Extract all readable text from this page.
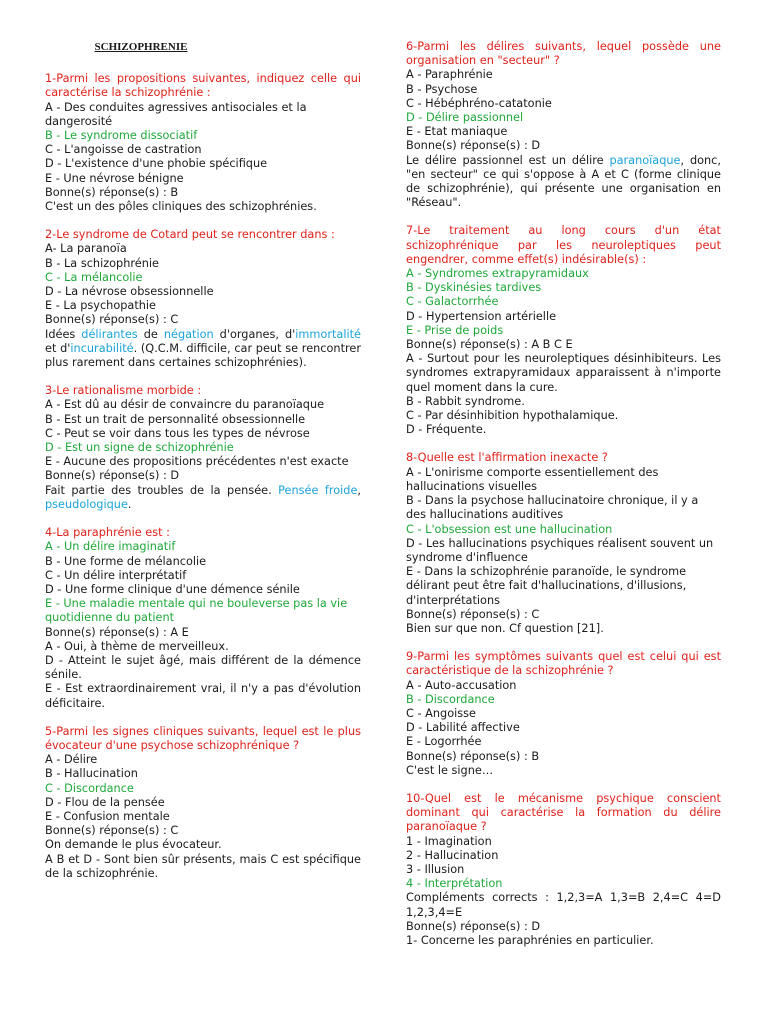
SCHIZOPHRENIE

1-Parmi les propositions suivantes, indiquez celle qui caractérise la schizophrénie :

A - Des conduites agressives antisociales et la dangerosité

B - Le syndrome dissociatif

C - L'angoisse de castration

D - L'existence d'une phobie spécifique

E - Une névrose bénigne

Bonne(s) réponse(s) : B

C'est un des pôles cliniques des schizophrénies.

2-Le syndrome de Cotard peut se rencontrer dans :

A- La paranoïa

B - La schizophrénie

C - La mélancolie

D - La névrose obsessionnelle

E - La psychopathie

Bonne(s) réponse(s) : C

Idées délirantes de négation d'organes, d'immortalité et d'incurabilité. (Q.C.M. difficile, car peut se rencontrer plus rarement dans certaines schizophrénies).

3-Le rationalisme morbide :

A - Est dû au désir de convaincre du paranoïaque

B - Est un trait de personnalité obsessionnelle

C - Peut se voir dans tous les types de névrose

D - Est un signe de schizophrénie

E - Aucune des propositions précédentes n'est exacte

Bonne(s) réponse(s) : D

Fait partie des troubles de la pensée. Pensée froide, pseudologique.

4-La paraphrénie est :

A - Un délire imaginatif

B - Une forme de mélancolie

C - Un délire interprétatif

D - Une forme clinique d'une démence sénile

E - Une maladie mentale qui ne bouleverse pas la vie quotidienne du patient

Bonne(s) réponse(s) : A E

A - Oui, à thème de merveilleux.

D - Atteint le sujet âgé, mais différent de la démence sénile.

E - Est extraordinairement vrai, il n'y a pas d'évolution déficitaire.

5-Parmi les signes cliniques suivants, lequel est le plus évocateur d'une psychose schizophrénique ?

A - Délire

B - Hallucination

C - Discordance

D - Flou de la pensée

E - Confusion mentale

Bonne(s) réponse(s) : C

On demande le plus évocateur.

A B et D - Sont bien sûr présents, mais C est spécifique de la schizophrénie.

6-Parmi les délires suivants, lequel possède une organisation en "secteur" ?

A - Paraphrénie

B - Psychose

C - Hébéphréno-catatonie

D - Délire passionnel

E - Etat maniaque

Bonne(s) réponse(s) : D

Le délire passionnel est un délire paranoïaque, donc, "en secteur" ce qui s'oppose à A et C (forme clinique de schizophrénie), qui présente une organisation en "Réseau".

7-Le traitement au long cours d'un état schizophrénique par les neuroleptiques peut engendrer, comme effet(s) indésirable(s) :

A - Syndromes extrapyramidaux

B - Dyskinésies tardives

C - Galactorrhée

D - Hypertension artérielle

E - Prise de poids

Bonne(s) réponse(s) : A B C E

A - Surtout pour les neuroleptiques désinhibiteurs. Les syndromes extrapyramidaux apparaissent à n'importe quel moment dans la cure.

B - Rabbit syndrome.

C - Par désinhibition hypothalamique.

D - Fréquente.

8-Quelle est l'affirmation inexacte ?

A - L'onirisme comporte essentiellement des hallucinations visuelles

B - Dans la psychose hallucinatoire chronique, il y a des hallucinations auditives

C - L'obsession est une hallucination

D - Les hallucinations psychiques réalisent souvent un syndrome d'influence

E - Dans la schizophrénie paranoïde, le syndrome délirant peut être fait d'hallucinations, d'illusions, d'interprétations

Bonne(s) réponse(s) : C

Bien sur que non. Cf question [21].

9-Parmi les symptômes suivants quel est celui qui est caractéristique de la schizophrénie ?

A - Auto-accusation

B - Discordance

C - Angoisse

D - Labilité affective

E - Logorrhée

Bonne(s) réponse(s) : B

C'est le signe…

10-Quel est le mécanisme psychique conscient dominant qui caractérise la formation du délire paranoïaque ?

1 - Imagination

2 - Hallucination

3 - Illusion

4 - Interprétation

Compléments corrects : 1,2,3=A 1,3=B 2,4=C 4=D 1,2,3,4=E

Bonne(s) réponse(s) : D

1- Concerne les paraphrénies en particulier.
